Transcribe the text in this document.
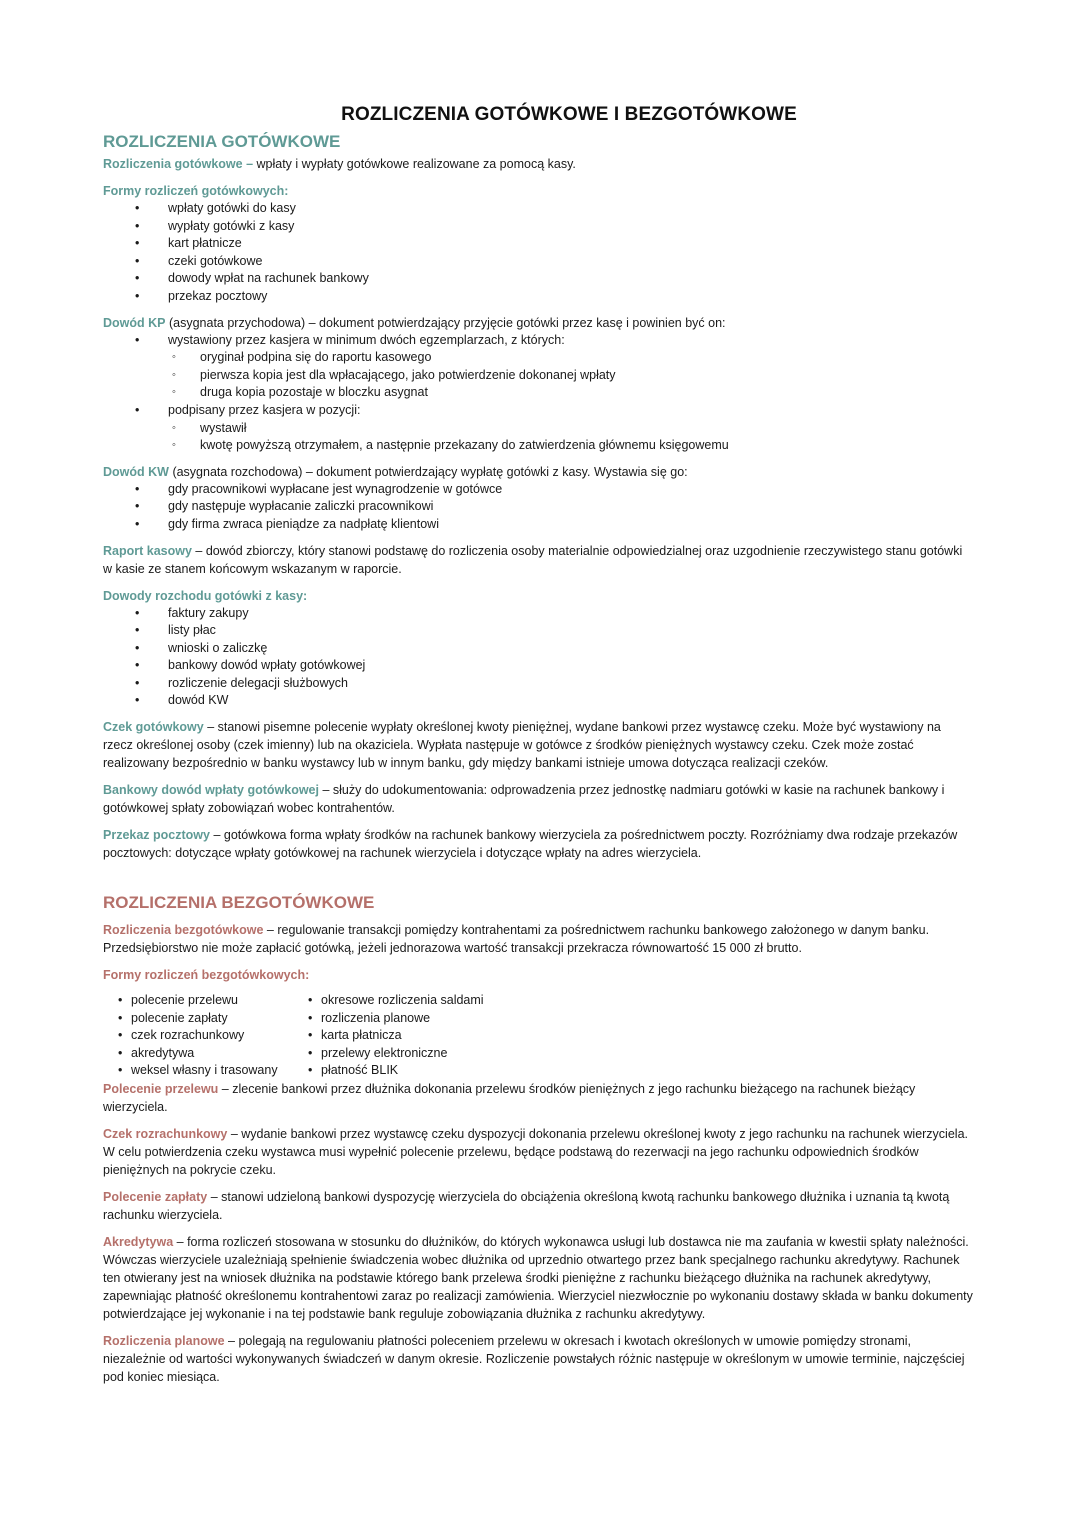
ROZLICZENIA GOTÓWKOWE I BEZGOTÓWKOWE
ROZLICZENIA GOTÓWKOWE

Rozliczenia gotówkowe – wpłaty i wypłaty gotówkowe realizowane za pomocą kasy.

Formy rozliczeń gotówkowych:
• wpłaty gotówki do kasy
• wypłaty gotówki z kasy
• kart płatnicze
• czeki gotówkowe
• dowody wpłat na rachunek bankowy
• przekaz pocztowy

Dowód KP (asygnata przychodowa) – dokument potwierdzający przyjęcie gotówki przez kasę i powinien być on:

• wystawiony przez kasjera w minimum dwóch egzemplarzach, z których:
◦ oryginał podpina się do raportu kasowego
◦ pierwsza kopia jest dla wpłacającego, jako potwierdzenie dokonanej wpłaty
◦ druga kopia pozostaje w bloczku asygnat
• podpisany przez kasjera w pozycji:
◦ wystawił
◦ kwotę powyższą otrzymałem, a następnie przekazany do zatwierdzenia głównemu księgowemu

Dowód KW (asygnata rozchodowa) – dokument potwierdzający wypłatę gotówki z kasy. Wystawia się go:

• gdy pracownikowi wypłacane jest wynagrodzenie w gotówce
• gdy następuje wypłacanie zaliczki pracownikowi
• gdy firma zwraca pieniądze za nadpłatę klientowi

Raport kasowy – dowód zbiorczy, który stanowi podstawę do rozliczenia osoby materialnie odpowiedzialnej oraz uzgodnienie rzeczywistego stanu gotówki w kasie ze stanem końcowym wskazanym w raporcie.

Dowody rozchodu gotówki z kasy:
• faktury zakupy
• listy płac
• wnioski o zaliczkę
• bankowy dowód wpłaty gotówkowej
• rozliczenie delegacji służbowych
• dowód KW

Czek gotówkowy – stanowi pisemne polecenie wypłaty określonej kwoty pieniężnej, wydane bankowi przez wystawcę czeku. Może być wystawiony na rzecz określonej osoby (czek imienny) lub na okaziciela. Wypłata następuje w gotówce z środków pieniężnych wystawcy czeku. Czek może zostać realizowany bezpośrednio w banku wystawcy lub w innym banku, gdy między bankami istnieje umowa dotycząca realizacji czeków.

Bankowy dowód wpłaty gotówkowej – służy do udokumentowania: odprowadzenia przez jednostkę nadmiaru gotówki w kasie na rachunek bankowy i gotówkowej spłaty zobowiązań wobec kontrahentów.

Przekaz pocztowy – gotówkowa forma wpłaty środków na rachunek bankowy wierzyciela za pośrednictwem poczty. Rozróżniamy dwa rodzaje przekazów pocztowych: dotyczące wpłaty gotówkowej na rachunek wierzyciela i dotyczące wpłaty na adres wierzyciela.

ROZLICZENIA BEZGOTÓWKOWE

Rozliczenia bezgotówkowe – regulowanie transakcji pomiędzy kontrahentami za pośrednictwem rachunku bankowego założonego w danym banku. Przedsiębiorstwo nie może zapłacić gotówką, jeżeli jednorazowa wartość transakcji przekracza równowartość 15 000 zł brutto.

Formy rozliczeń bezgotówkowych:
• polecenie przelewu
• polecenie zapłaty
• czek rozrachunkowy
• akredytywa
• weksel własny i trasowany
• okresowe rozliczenia saldami
• rozliczenia planowe
• karta płatnicza
• przelewy elektroniczne
• płatność BLIK

Polecenie przelewu – zlecenie bankowi przez dłużnika dokonania przelewu środków pieniężnych z jego rachunku bieżącego na rachunek bieżący wierzyciela.

Czek rozrachunkowy – wydanie bankowi przez wystawcę czeku dyspozycji dokonania przelewu określonej kwoty z jego rachunku na rachunek wierzyciela. W celu potwierdzenia czeku wystawca musi wypełnić polecenie przelewu, będące podstawą do rezerwacji na jego rachunku odpowiednich środków pieniężnych na pokrycie czeku.

Polecenie zapłaty – stanowi udzieloną bankowi dyspozycję wierzyciela do obciążenia określoną kwotą rachunku bankowego dłużnika i uznania tą kwotą rachunku wierzyciela.

Akredytywa – forma rozliczeń stosowana w stosunku do dłużników, do których wykonawca usługi lub dostawca nie ma zaufania w kwestii spłaty należności. Wówczas wierzyciele uzależniają spełnienie świadczenia wobec dłużnika od uprzednio otwartego przez bank specjalnego rachunku akredytywy. Rachunek ten otwierany jest na wniosek dłużnika na podstawie którego bank przelewa środki pieniężne z rachunku bieżącego dłużnika na rachunek akredytywy, zapewniając płatność określonemu kontrahentowi zaraz po realizacji zamówienia. Wierzyciel niezwłocznie po wykonaniu dostawy składa w banku dokumenty potwierdzające jej wykonanie i na tej podstawie bank reguluje zobowiązania dłużnika z rachunku akredytywy.

Rozliczenia planowe – polegają na regulowaniu płatności poleceniem przelewu w okresach i kwotach określonych w umowie pomiędzy stronami, niezależnie od wartości wykonywanych świadczeń w danym okresie. Rozliczenie powstałych różnic następuje w określonym w umowie terminie, najczęściej pod koniec miesiąca.
